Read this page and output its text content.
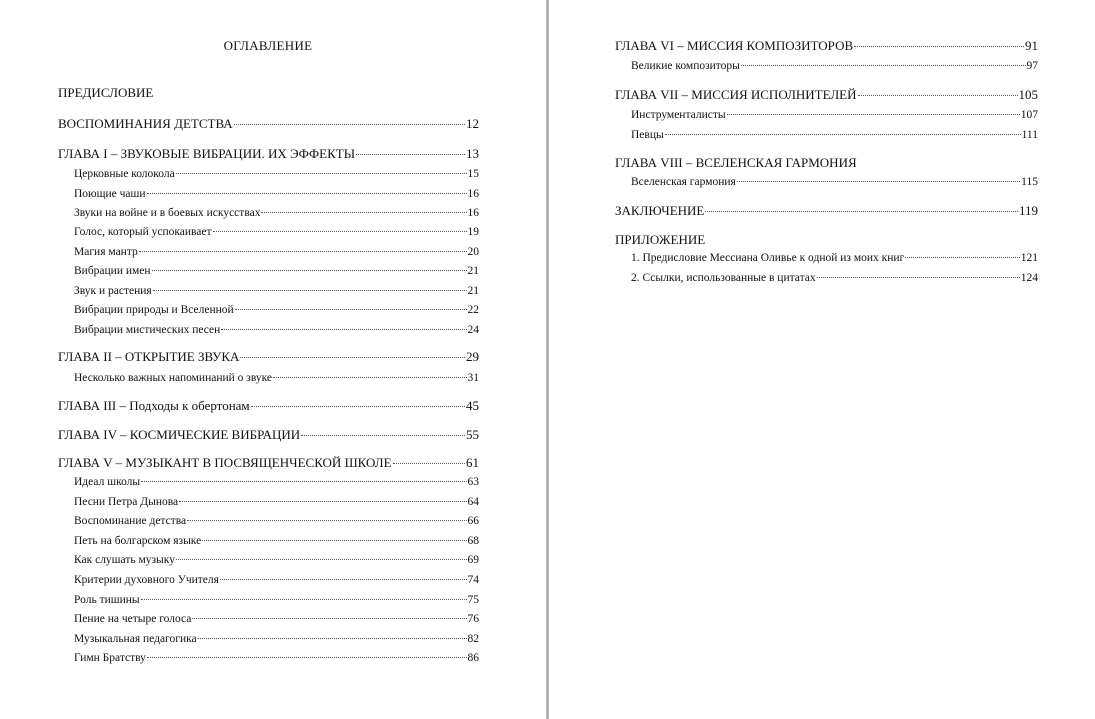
ОГЛАВЛЕНИЕ
ПРЕДИСЛОВИЕ
ВОСПОМИНАНИЯ ДЕТСТВА	12
ГЛАВА I – ЗВУКОВЫЕ ВИБРАЦИИ. ИХ ЭФФЕКТЫ	13
Церковные колокола	15
Поющие чаши	16
Звуки на войне и в боевых искусствах	16
Голос, который успокаивает	19
Магия мантр	20
Вибрации имен	21
Звук и растения	21
Вибрации природы и Вселенной	22
Вибрации мистических песен	24
ГЛАВА II – ОТКРЫТИЕ ЗВУКА	29
Несколько важных напоминаний о звуке	31
ГЛАВА III – Подходы к обертонам	45
ГЛАВА IV – КОСМИЧЕСКИЕ ВИБРАЦИИ	55
ГЛАВА V – МУЗЫКАНТ В ПОСВЯЩЕНЧЕСКОЙ ШКОЛЕ	61
Идеал школы	63
Песни Петра Дынова	64
Воспоминание детства	66
Петь на болгарском языке	68
Как слушать музыку	69
Критерии духовного Учителя	74
Роль тишины	75
Пение на четыре голоса	76
Музыкальная педагогика	82
Гимн Братству	86
ГЛАВА VI – МИССИЯ КОМПОЗИТОРОВ	91
Великие композиторы	97
ГЛАВА VII – МИССИЯ ИСПОЛНИТЕЛЕЙ	105
Инструменталисты	107
Певцы	111
ГЛАВА VIII – ВСЕЛЕНСКАЯ ГАРМОНИЯ
Вселенская гармония	115
ЗАКЛЮЧЕНИЕ	119
ПРИЛОЖЕНИЕ
1. Предисловие Мессиана Оливье к одной из моих книг	121
2. Ссылки, использованные в цитатах	124
